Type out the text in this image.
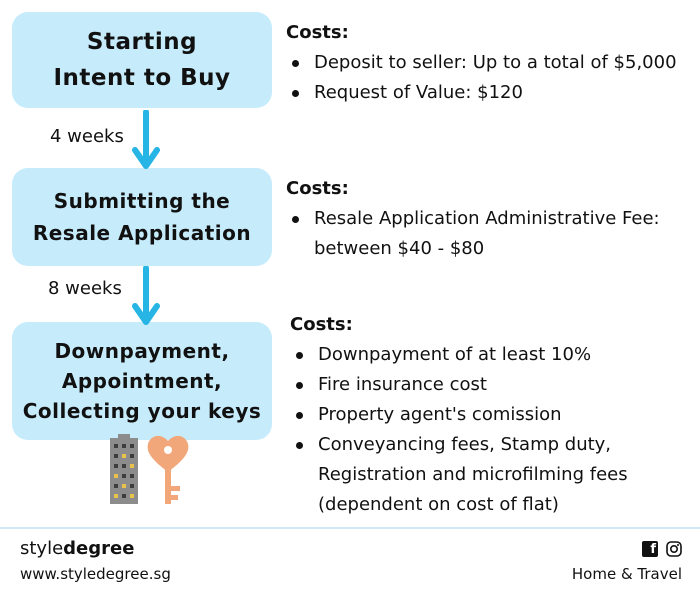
Starting
Intent to Buy
Submitting the
Resale Application
Downpayment,
Appointment,
Collecting your keys
4 weeks
8 weeks
Costs:
Deposit to seller: Up to a total of $5,000
Request of Value: $120
Costs:
Resale Application Administrative Fee: between $40 - $80
Costs:
Downpayment of at least 10%
Fire insurance cost
Property agent's comission
Conveyancing fees, Stamp duty, Registration and microfilming fees (dependent on cost of flat)
styledegree
www.styledegree.sg
f
Home & Travel
